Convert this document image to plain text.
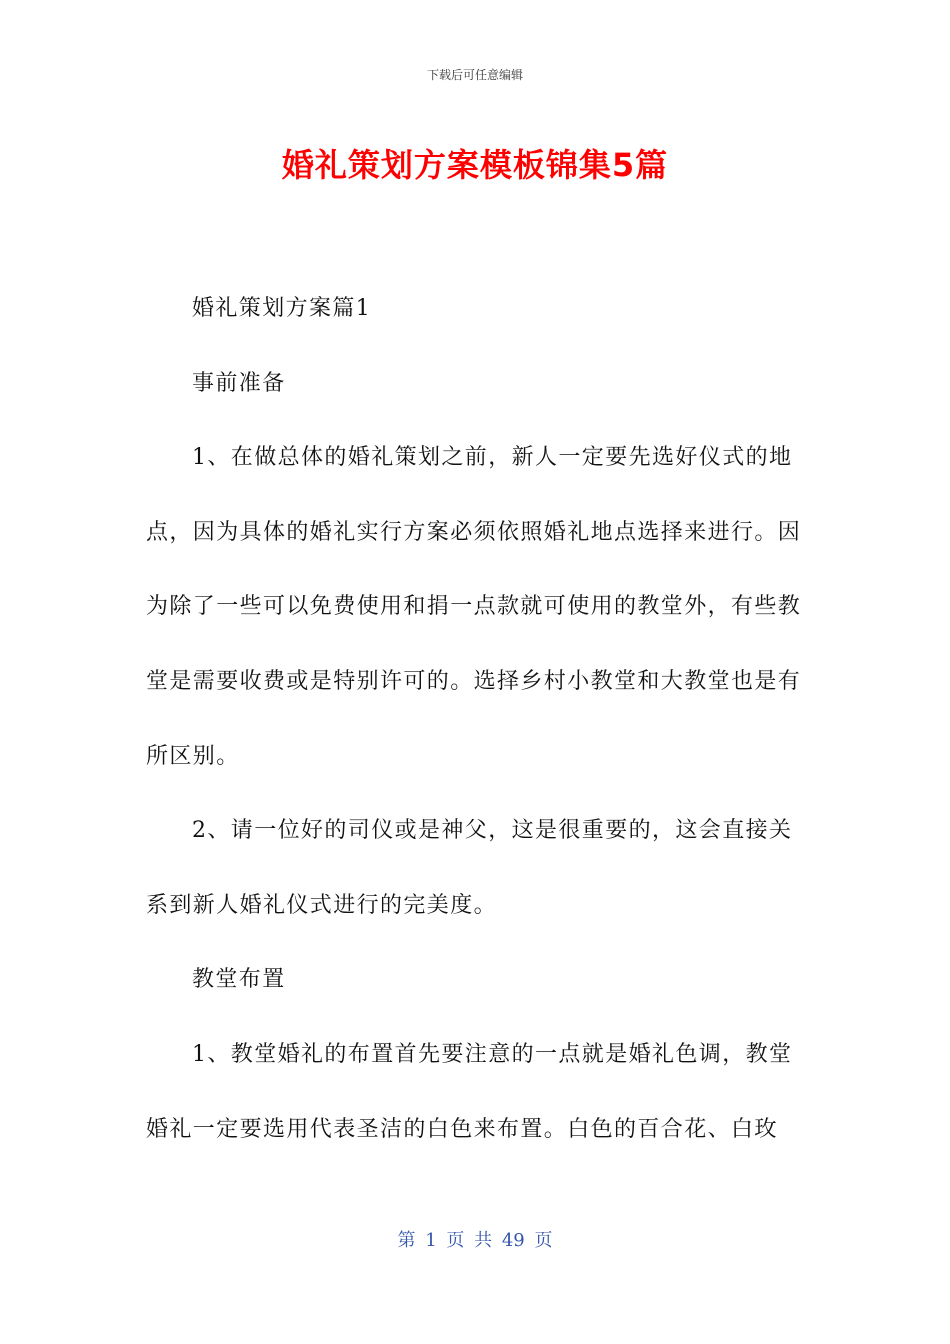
下载后可任意编辑
婚礼策划方案模板锦集5篇

婚礼策划方案篇1

事前准备

1、在做总体的婚礼策划之前，新人一定要先选好仪式的地点，因为具体的婚礼实行方案必须依照婚礼地点选择来进行。因为除了一些可以免费使用和捐一点款就可使用的教堂外，有些教堂是需要收费或是特别许可的。选择乡村小教堂和大教堂也是有所区别。

2、请一位好的司仪或是神父，这是很重要的，这会直接关系到新人婚礼仪式进行的完美度。

教堂布置

1、教堂婚礼的布置首先要注意的一点就是婚礼色调，教堂婚礼一定要选用代表圣洁的白色来布置。白色的百合花、白玫

第 1 页 共 49 页
